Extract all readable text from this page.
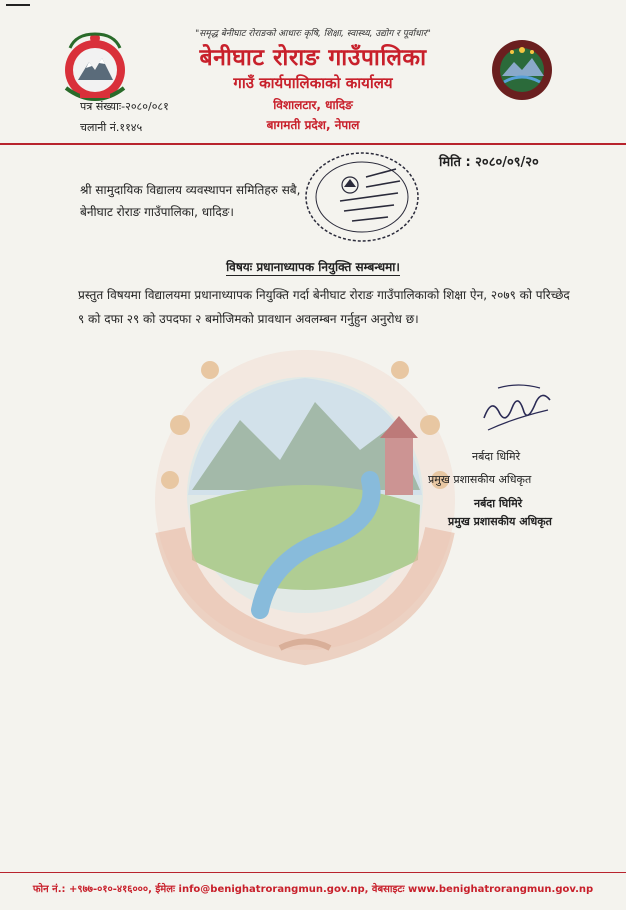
"समृद्ध बेनीघाट रोराङको आधारः कृषि, शिक्षा, स्वास्थ्य, उद्योग र पूर्वाधार"
बेनीघाट रोराङ गाउँपालिका
गाउँ कार्यपालिकाको कार्यालय
विशालटार, धादिङ
बागमती प्रदेश, नेपाल
पत्र संख्याः-२०८०/०८१
चलानी नं.११४५
मिति : २०८०/०९/२०
श्री सामुदायिक विद्यालय व्यवस्थापन समितिहरु सबै,
बेनीघाट रोराङ गाउँपालिका, धादिङ।
विषयः प्रधानाध्यापक नियुक्ति सम्बन्धमा।
प्रस्तुत विषयमा विद्यालयमा प्रधानाध्यापक नियुक्ति गर्दा बेनीघाट रोराङ गाउँपालिकाको शिक्षा ऐन, २०७९ को परिच्छेद ९ को दफा २९ को उपदफा २ बमोजिमको प्रावधान अवलम्बन गर्नुहुन अनुरोध छ।
नर्बदा धिमिरे
प्रमुख प्रशासकीय अधिकृत
नर्बदा घिमिरे
प्रमुख प्रशासकीय अधिकृत
फोन नं.: +९७७-०१०-४१६०००, ईमेलः info@benighatrorangmun.gov.np, वेबसाइटः www.benighatrorangmun.gov.np
